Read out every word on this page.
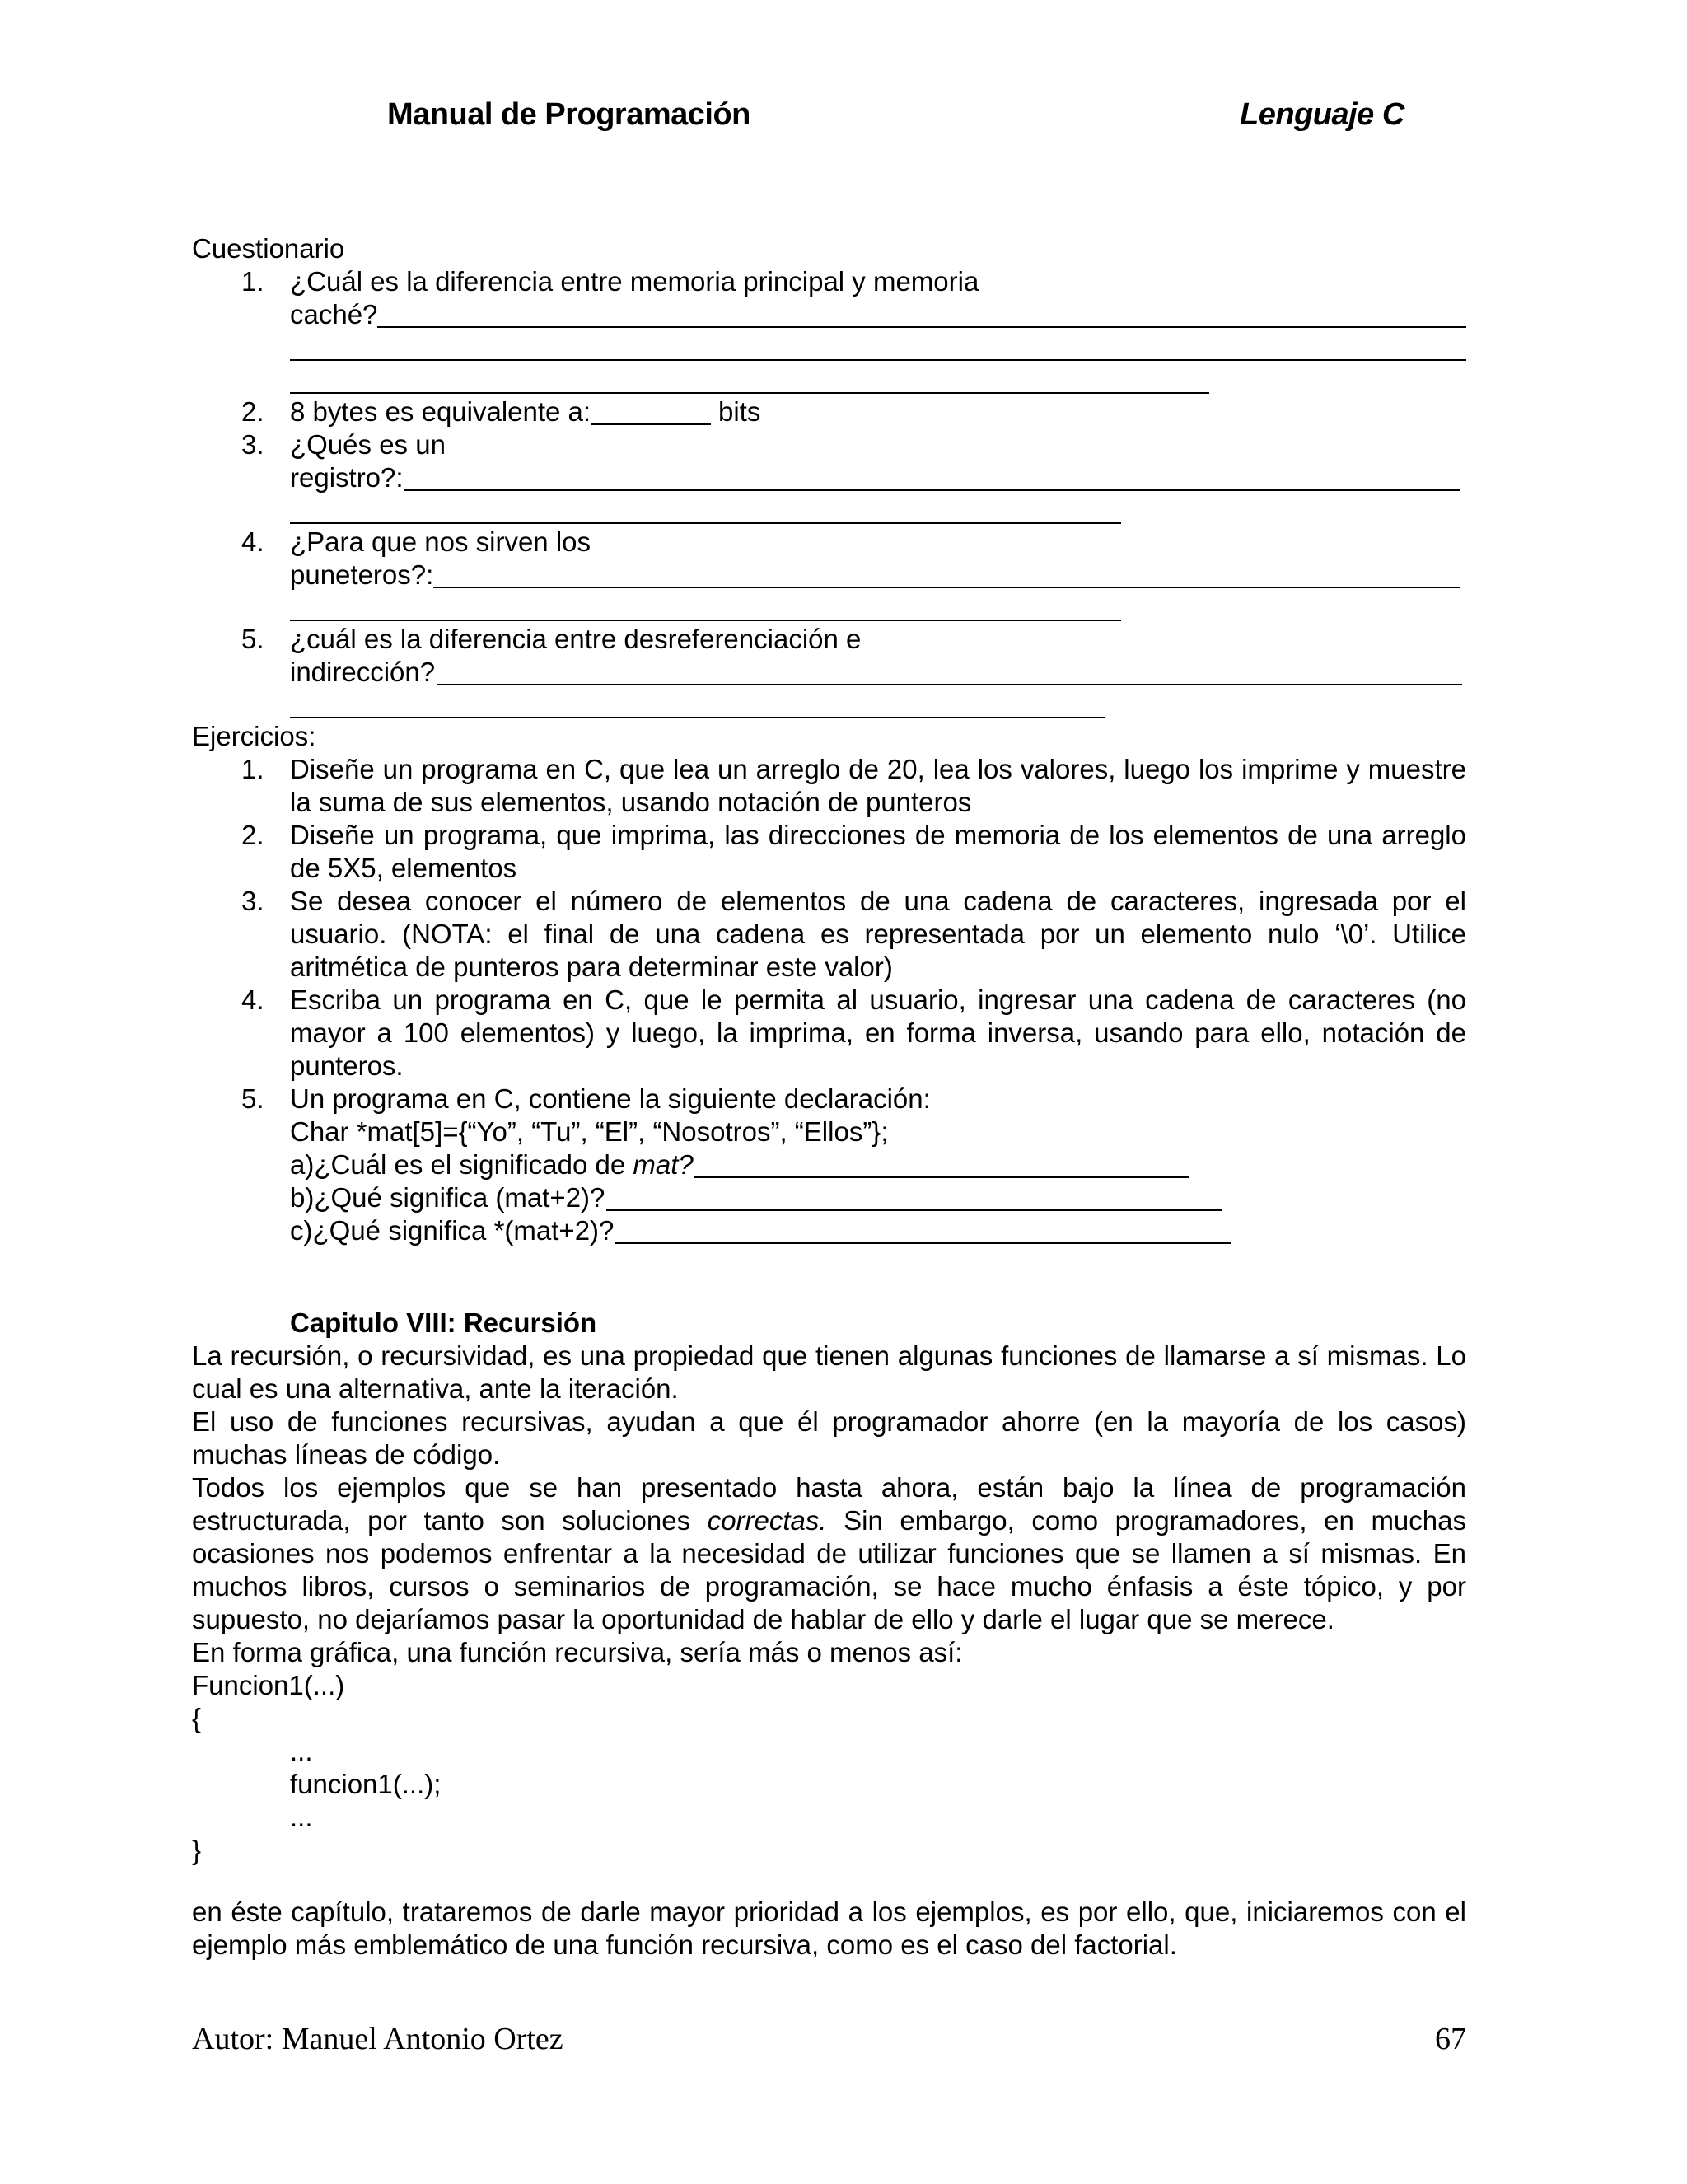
Manual de Programación	Lenguaje C
Cuestionario
1. ¿Cuál es la diferencia entre memoria principal y memoria
caché?
2. 8 bytes es equivalente a:	bits
3. ¿Qués es un
registro?:
4. ¿Para que nos sirven los
puneteros?:
5. ¿cuál es la diferencia entre desreferenciación e
indirección?
Ejercicios:
1. Diseñe un programa en C, que lea un arreglo de 20, lea los valores, luego los imprime y muestre
la suma de sus elementos, usando notación de punteros
2. Diseñe un programa, que imprima, las direcciones de memoria de los elementos de una arreglo
de 5X5, elementos
3. Se desea conocer el número de elementos de una cadena de caracteres, ingresada por el
usuario. (NOTA: el final de una cadena es representada por un elemento nulo ‘\0’. Utilice
aritmética de punteros para determinar este valor)
4. Escriba un programa en C, que le permita al usuario, ingresar una cadena de caracteres (no
mayor a 100 elementos) y luego, la imprima, en forma inversa, usando para ello, notación de
punteros.
5. Un programa en C, contiene la siguiente declaración:
Char *mat[5]={“Yo”, “Tu”, “El”, “Nosotros”, “Ellos”};
a)¿Cuál es el significado de mat?
b)¿Qué significa (mat+2)?
c)¿Qué significa *(mat+2)?
Capitulo VIII: Recursión
La recursión, o recursividad, es una propiedad que tienen algunas funciones de llamarse a sí mismas. Lo
cual es una alternativa, ante la iteración.
El uso de funciones recursivas, ayudan a que él programador ahorre (en la mayoría de los casos)
muchas líneas de código.
Todos los ejemplos que se han presentado hasta ahora, están bajo la línea de programación
estructurada, por tanto son soluciones correctas. Sin embargo, como programadores, en muchas
ocasiones nos podemos enfrentar a la necesidad de utilizar funciones que se llamen a sí mismas. En
muchos libros, cursos o seminarios de programación, se hace mucho énfasis a éste tópico, y por
supuesto, no dejaríamos pasar la oportunidad de hablar de ello y darle el lugar que se merece.
En forma gráfica, una función recursiva, sería más o menos así:
Funcion1(...)
{
...
funcion1(...);
...
}
en éste capítulo, trataremos de darle mayor prioridad a los ejemplos, es por ello, que, iniciaremos con el
ejemplo más emblemático de una función recursiva, como es el caso del factorial.
Autor: Manuel Antonio Ortez	67
